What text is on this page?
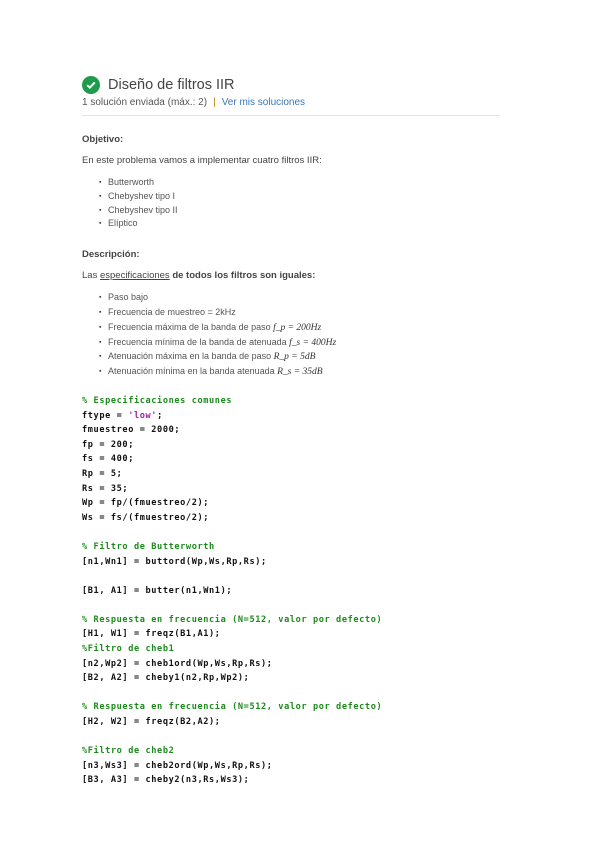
Diseño de filtros IIR
1 solución enviada (máx.: 2) | Ver mis soluciones
Objetivo:

En este problema vamos a implementar cuatro filtros IIR:

▪ Butterworth
▪ Chebyshev tipo I
▪ Chebyshev tipo II
▪ Elíptico
Descripción:

Las especificaciones de todos los filtros son iguales:

▪ Paso bajo
▪ Frecuencia de muestreo = 2kHz
▪ Frecuencia máxima de la banda de paso f_p = 200Hz
▪ Frecuencia mínima de la banda de atenuada f_s = 400Hz
▪ Atenuación máxima en la banda de paso R_p = 5dB
▪ Atenuación mínima en la banda atenuada R_s = 35dB
% Especificaciones comunes
ftype = 'low';
fmuestreo = 2000;
fp = 200;
fs = 400;
Rp = 5;
Rs = 35;
Wp = fp/(fmuestreo/2);
Ws = fs/(fmuestreo/2);
% Filtro de Butterworth
[n1,Wn1] = buttord(Wp,Ws,Rp,Rs);
[B1, A1] = butter(n1,Wn1);
% Respuesta en frecuencia (N=512, valor por defecto)
[H1, W1] = freqz(B1,A1);
%Filtro de cheb1
[n2,Wp2] = cheb1ord(Wp,Ws,Rp,Rs);
[B2, A2] = cheby1(n2,Rp,Wp2);
% Respuesta en frecuencia (N=512, valor por defecto)
[H2, W2] = freqz(B2,A2);
%Filtro de cheb2
[n3,Ws3] = cheb2ord(Wp,Ws,Rp,Rs);
[B3, A3] = cheby2(n3,Rs,Ws3);
